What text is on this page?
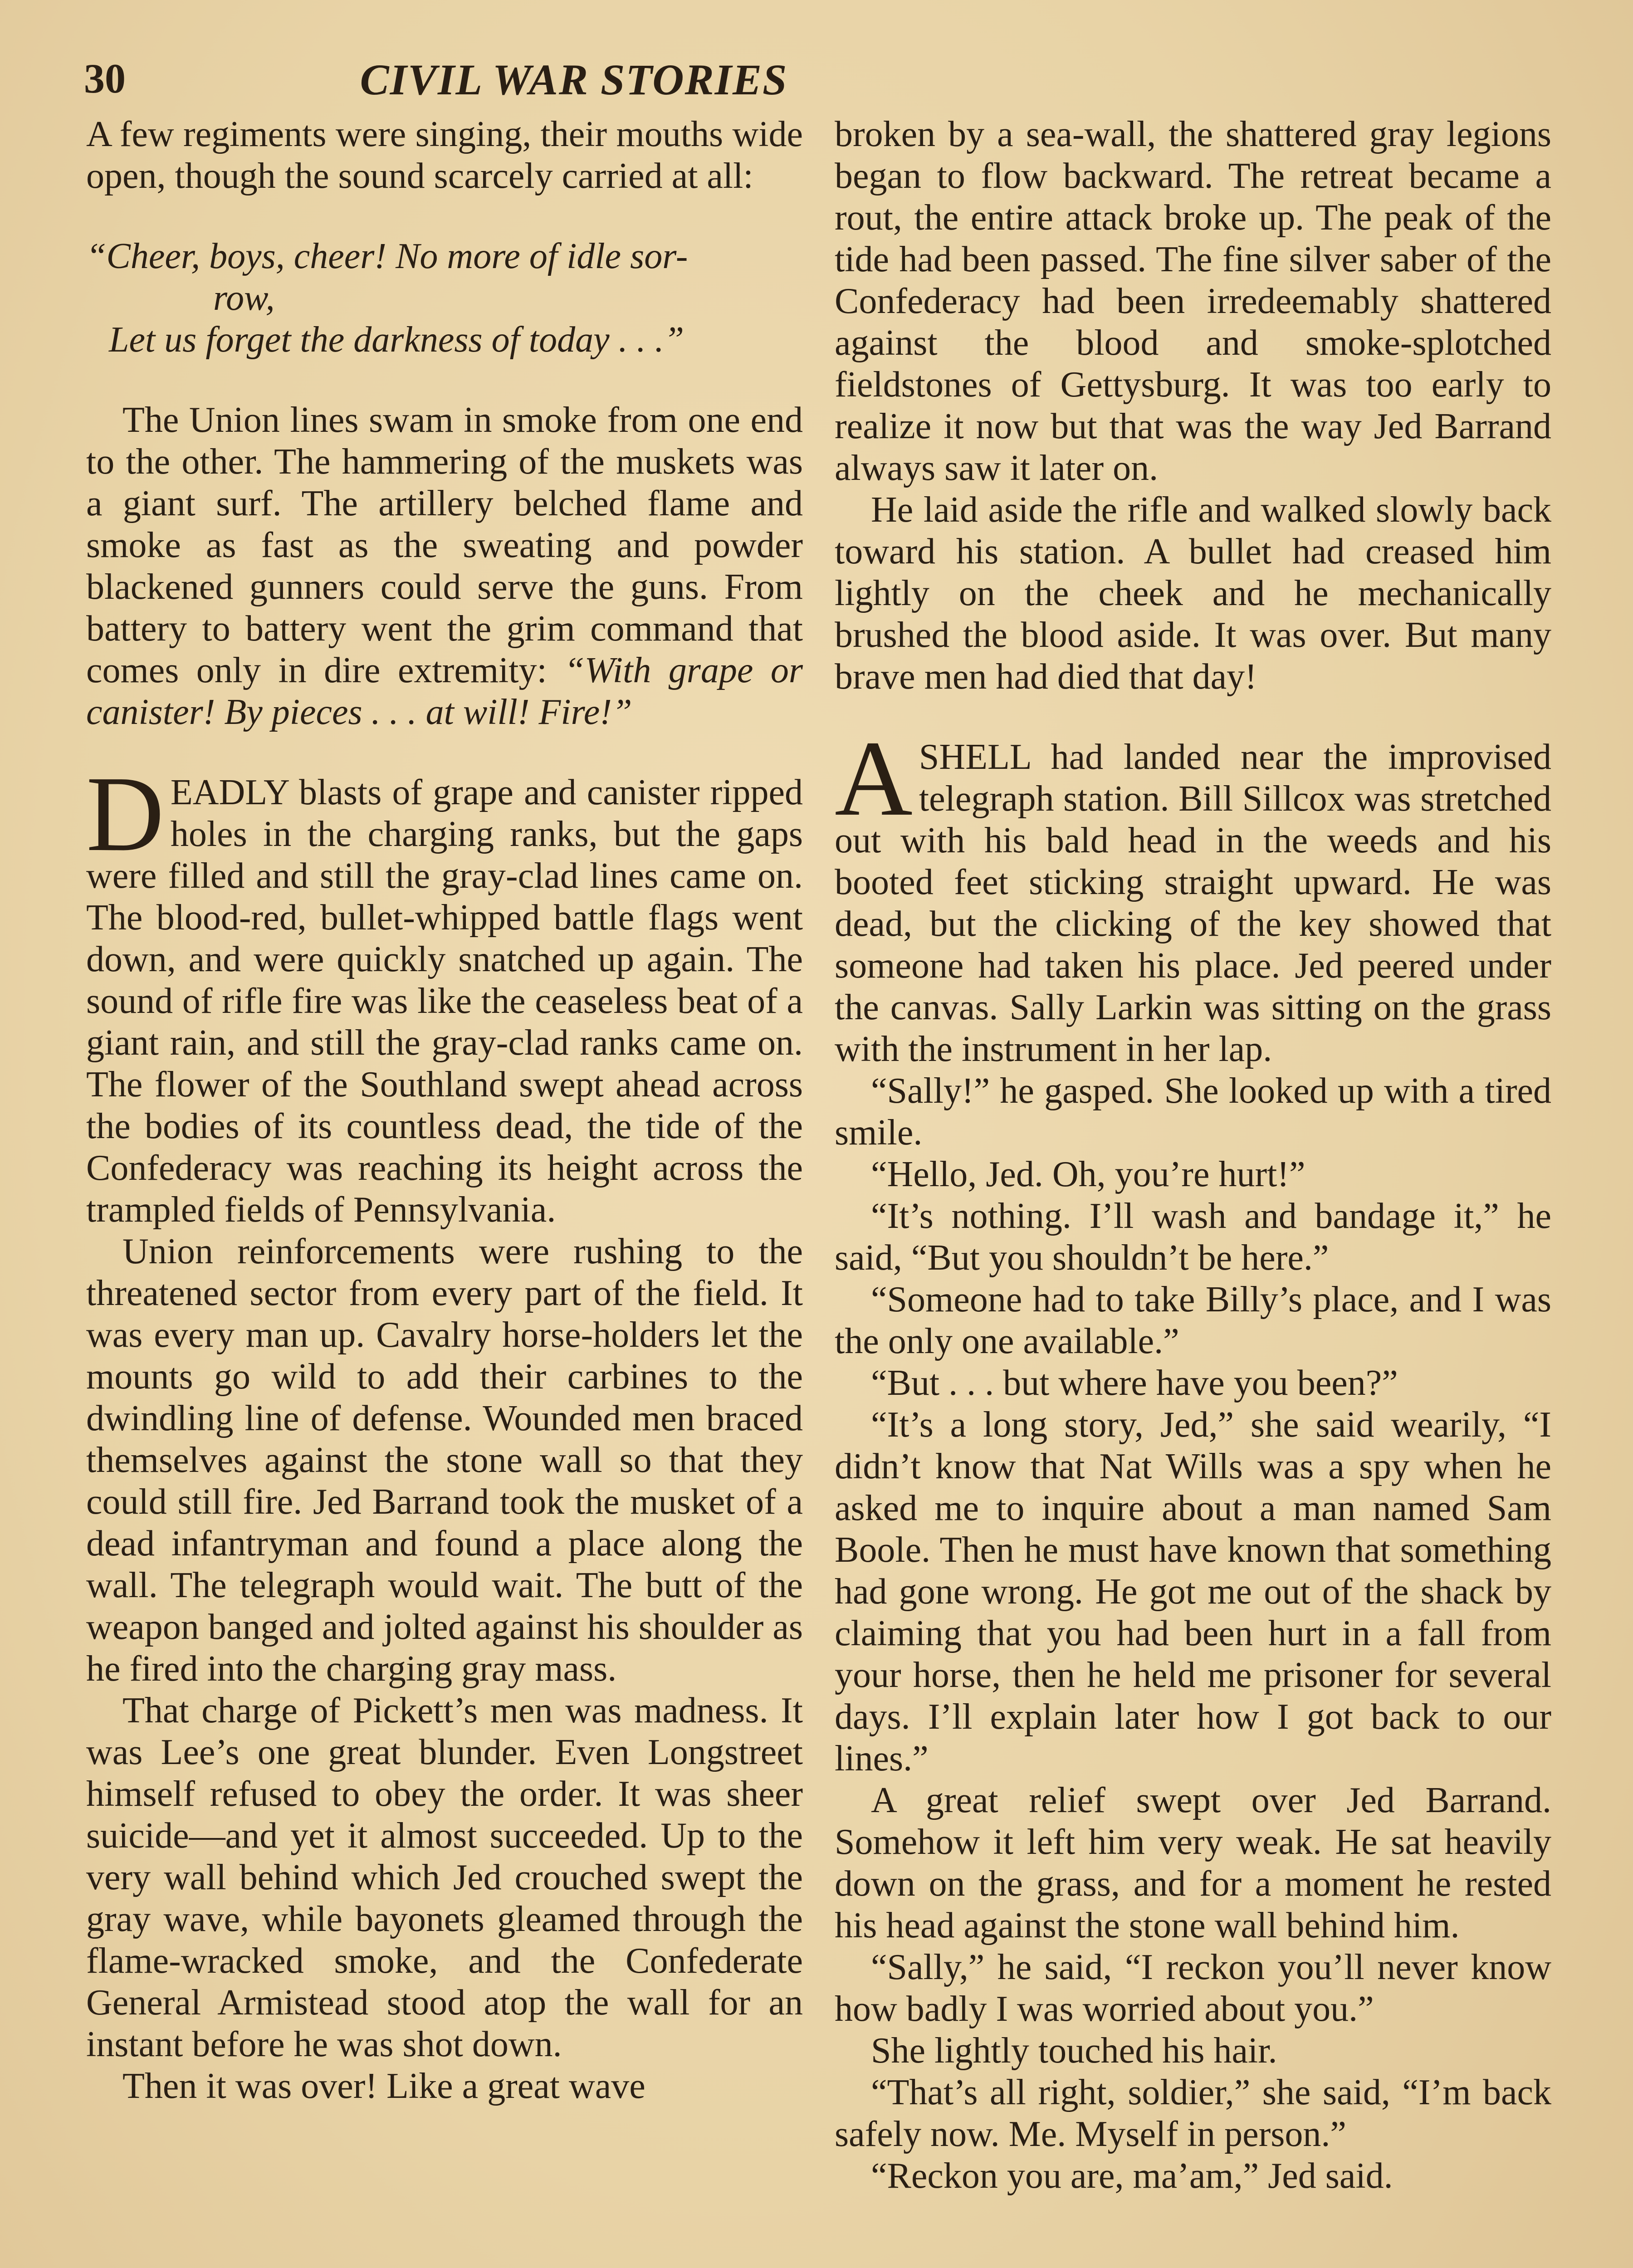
30	CIVIL WAR STORIES

A few regiments were singing, their mouths wide open, though the sound scarcely carried at all:

“Cheer, boys, cheer! No more of idle sor-
row,
Let us forget the darkness of today . . .”

The Union lines swam in smoke from one end to the other. The hammering of the muskets was a giant surf. The artillery belched flame and smoke as fast as the sweating and powder blackened gunners could serve the guns. From battery to battery went the grim command that comes only in dire extremity: “With grape or canister! By pieces . . . at will! Fire!”

DEADLY blasts of grape and canister ripped holes in the charging ranks, but the gaps were filled and still the gray-clad lines came on. The blood-red, bullet-whipped battle flags went down, and were quickly snatched up again. The sound of rifle fire was like the ceaseless beat of a giant rain, and still the gray-clad ranks came on. The flower of the Southland swept ahead across the bodies of its countless dead, the tide of the Confederacy was reaching its height across the trampled fields of Pennsylvania.

Union reinforcements were rushing to the threatened sector from every part of the field. It was every man up. Cavalry horse-holders let the mounts go wild to add their carbines to the dwindling line of defense. Wounded men braced themselves against the stone wall so that they could still fire. Jed Barrand took the musket of a dead infantryman and found a place along the wall. The telegraph would wait. The butt of the weapon banged and jolted against his shoulder as he fired into the charging gray mass.

That charge of Pickett’s men was madness. It was Lee’s one great blunder. Even Longstreet himself refused to obey the order. It was sheer suicide—and yet it almost succeeded. Up to the very wall behind which Jed crouched swept the gray wave, while bayonets gleamed through the flame-wracked smoke, and the Confederate General Armistead stood atop the wall for an instant before he was shot down.

Then it was over! Like a great wave

broken by a sea-wall, the shattered gray legions began to flow backward. The retreat became a rout, the entire attack broke up. The peak of the tide had been passed. The fine silver saber of the Confederacy had been irredeemably shattered against the blood and smoke-splotched fieldstones of Gettysburg. It was too early to realize it now but that was the way Jed Barrand always saw it later on.

He laid aside the rifle and walked slowly back toward his station. A bullet had creased him lightly on the cheek and he mechanically brushed the blood aside. It was over. But many brave men had died that day!

ASHELL had landed near the improvised telegraph station. Bill Sillcox was stretched out with his bald head in the weeds and his booted feet sticking straight upward. He was dead, but the clicking of the key showed that someone had taken his place. Jed peered under the canvas. Sally Larkin was sitting on the grass with the instrument in her lap.

“Sally!” he gasped. She looked up with a tired smile.

“Hello, Jed. Oh, you’re hurt!”

“It’s nothing. I’ll wash and bandage it,” he said, “But you shouldn’t be here.”

“Someone had to take Billy’s place, and I was the only one available.”

“But . . . but where have you been?”

“It’s a long story, Jed,” she said wearily, “I didn’t know that Nat Wills was a spy when he asked me to inquire about a man named Sam Boole. Then he must have known that something had gone wrong. He got me out of the shack by claiming that you had been hurt in a fall from your horse, then he held me prisoner for several days. I’ll explain later how I got back to our lines.”

A great relief swept over Jed Barrand. Somehow it left him very weak. He sat heavily down on the grass, and for a moment he rested his head against the stone wall behind him.

“Sally,” he said, “I reckon you’ll never know how badly I was worried about you.”

She lightly touched his hair.

“That’s all right, soldier,” she said, “I’m back safely now. Me. Myself in person.”

“Reckon you are, ma’am,” Jed said.
